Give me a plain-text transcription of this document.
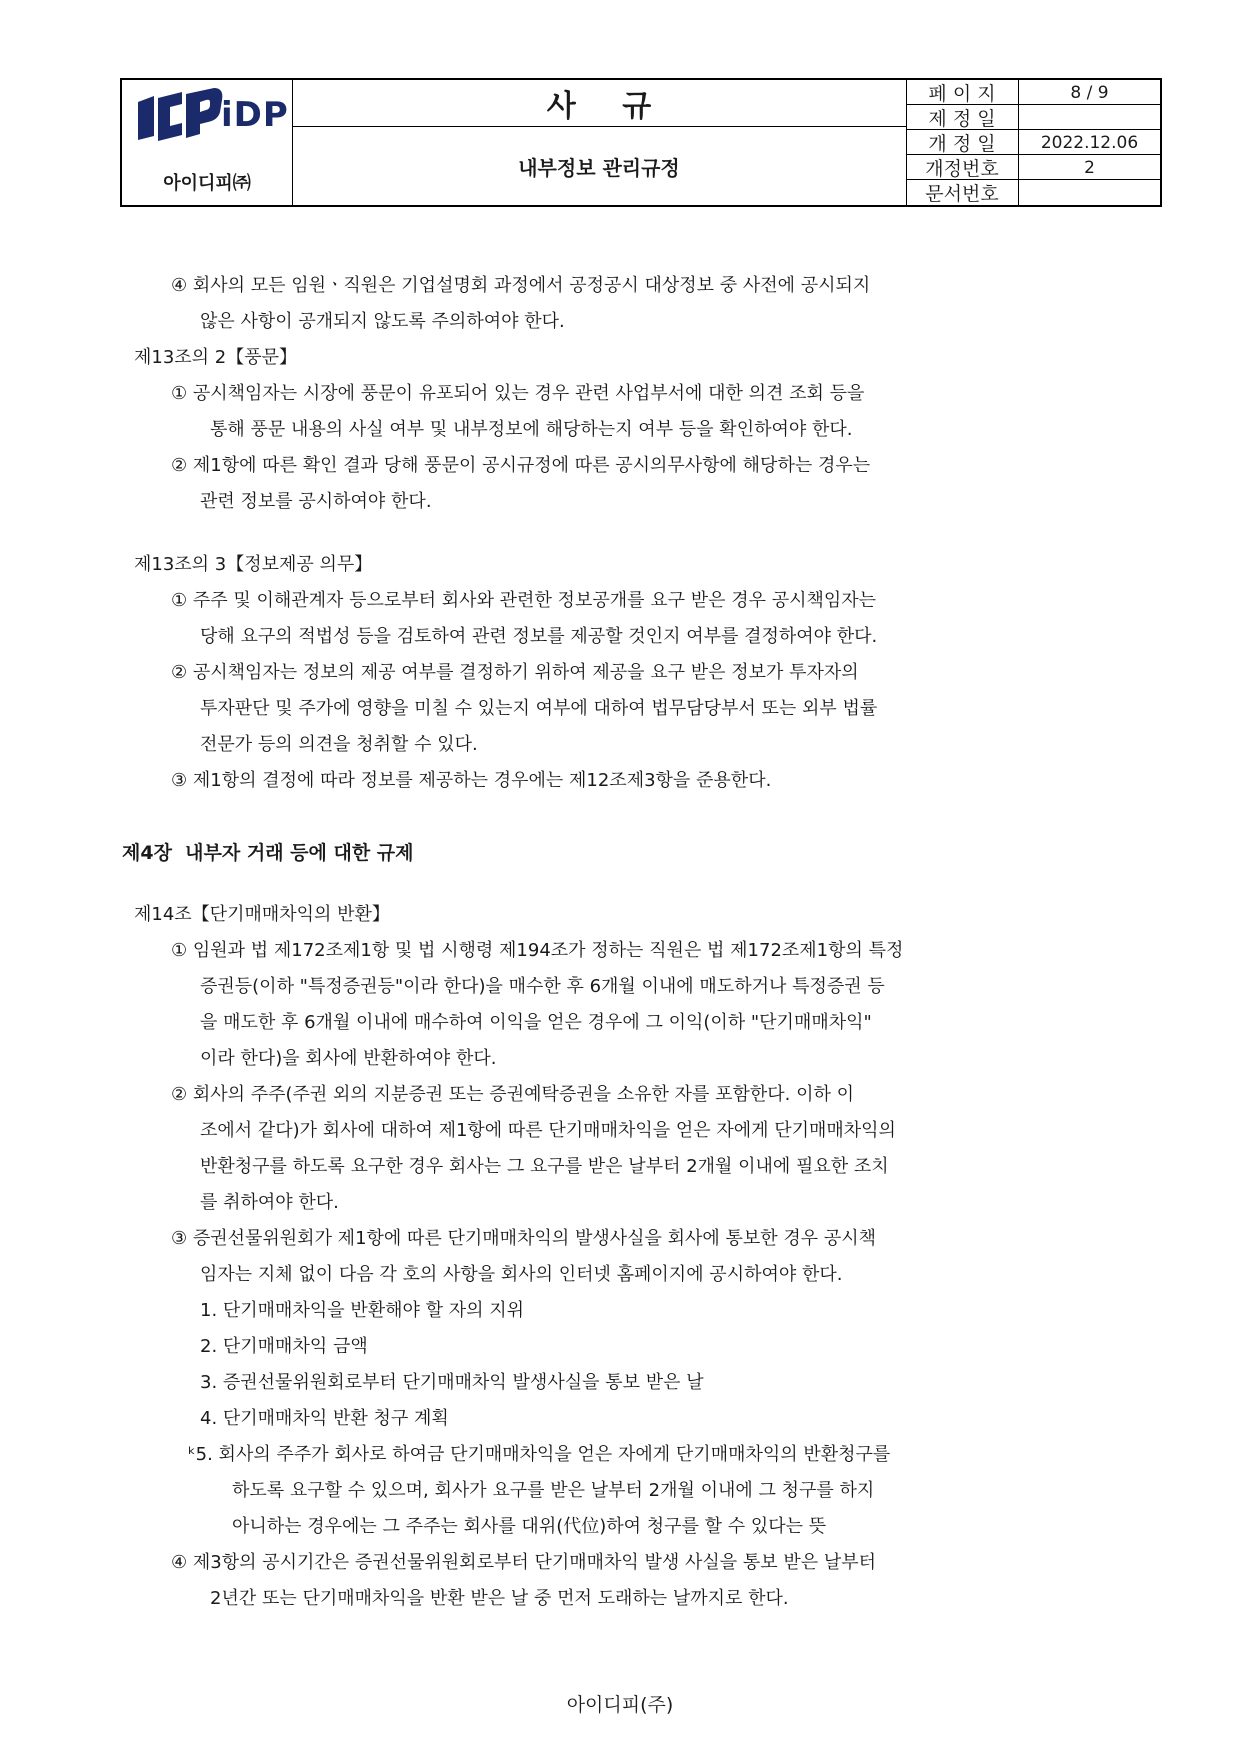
iDP
아이디피㈜
사 규
내부정보 관리규정
페 이 지
제 정 일
개 정 일
개정번호
문서번호
8 / 9
2022.12.06
2
④ 회사의 모든 임원ㆍ직원은 기업설명회 과정에서 공정공시 대상정보 중 사전에 공시되지
않은 사항이 공개되지 않도록 주의하여야 한다.
제13조의 2【풍문】
① 공시책임자는 시장에 풍문이 유포되어 있는 경우 관련 사업부서에 대한 의견 조회 등을
통해 풍문 내용의 사실 여부 및 내부정보에 해당하는지 여부 등을 확인하여야 한다.
② 제1항에 따른 확인 결과 당해 풍문이 공시규정에 따른 공시의무사항에 해당하는 경우는
관련 정보를 공시하여야 한다.
제13조의 3【정보제공 의무】
① 주주 및 이해관계자 등으로부터 회사와 관련한 정보공개를 요구 받은 경우 공시책임자는
당해 요구의 적법성 등을 검토하여 관련 정보를 제공할 것인지 여부를 결정하여야 한다.
② 공시책임자는 정보의 제공 여부를 결정하기 위하여 제공을 요구 받은 정보가 투자자의
투자판단 및 주가에 영향을 미칠 수 있는지 여부에 대하여 법무담당부서 또는 외부 법률
전문가 등의 의견을 청취할 수 있다.
③ 제1항의 결정에 따라 정보를 제공하는 경우에는 제12조제3항을 준용한다.
제4장  내부자 거래 등에 대한 규제
제14조【단기매매차익의 반환】
① 임원과 법 제172조제1항 및 법 시행령 제194조가 정하는 직원은 법 제172조제1항의 특정
증권등(이하 "특정증권등"이라 한다)을 매수한 후 6개월 이내에 매도하거나 특정증권 등
을 매도한 후 6개월 이내에 매수하여 이익을 얻은 경우에 그 이익(이하 "단기매매차익"
이라 한다)을 회사에 반환하여야 한다.
② 회사의 주주(주권 외의 지분증권 또는 증권예탁증권을 소유한 자를 포함한다. 이하 이
조에서 같다)가 회사에 대하여 제1항에 따른 단기매매차익을 얻은 자에게 단기매매차익의
반환청구를 하도록 요구한 경우 회사는 그 요구를 받은 날부터 2개월 이내에 필요한 조치
를 취하여야 한다.
③ 증권선물위원회가 제1항에 따른 단기매매차익의 발생사실을 회사에 통보한 경우 공시책
임자는 지체 없이 다음 각 호의 사항을 회사의 인터넷 홈페이지에 공시하여야 한다.
1. 단기매매차익을 반환해야 할 자의 지위
2. 단기매매차익 금액
3. 증권선물위원회로부터 단기매매차익 발생사실을 통보 받은 날
4. 단기매매차익 반환 청구 계획
ᵏ5. 회사의 주주가 회사로 하여금 단기매매차익을 얻은 자에게 단기매매차익의 반환청구를
하도록 요구할 수 있으며, 회사가 요구를 받은 날부터 2개월 이내에 그 청구를 하지
아니하는 경우에는 그 주주는 회사를 대위(代位)하여 청구를 할 수 있다는 뜻
④ 제3항의 공시기간은 증권선물위원회로부터 단기매매차익 발생 사실을 통보 받은 날부터
2년간 또는 단기매매차익을 반환 받은 날 중 먼저 도래하는 날까지로 한다.
아이디피(주)
